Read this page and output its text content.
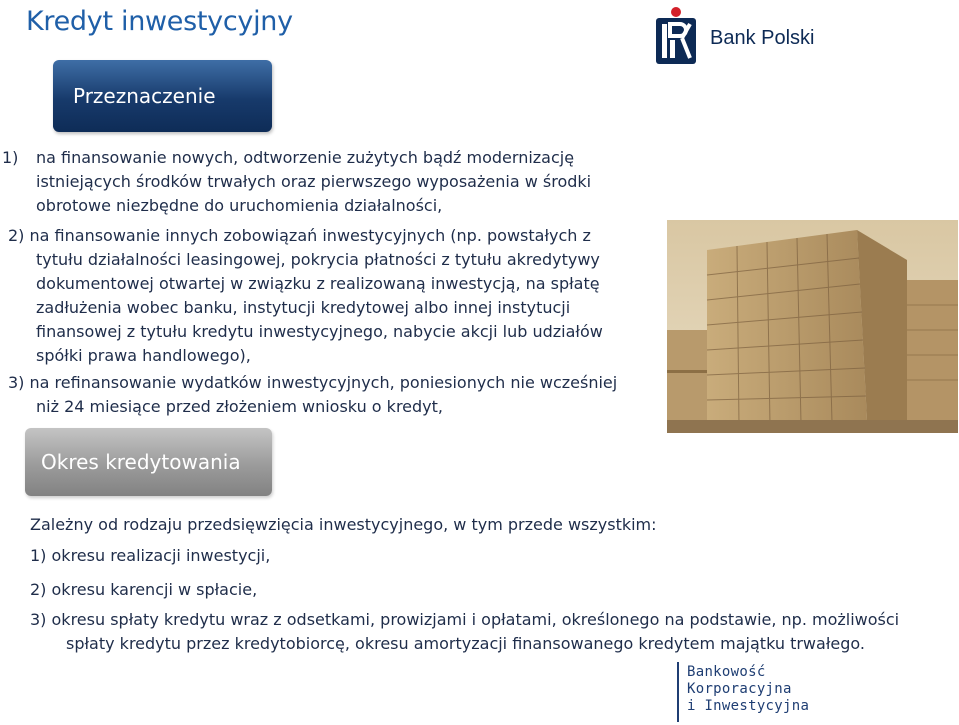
Kredyt inwestycyjny
Bank Polski
Przeznaczenie
1) na finansowanie nowych, odtworzenie zużytych bądź modernizację
istniejących środków trwałych oraz pierwszego wyposażenia w środki
obrotowe niezbędne do uruchomienia działalności,
2) na finansowanie innych zobowiązań inwestycyjnych (np. powstałych z
tytułu działalności leasingowej, pokrycia płatności z tytułu akredytywy
dokumentowej otwartej w związku z realizowaną inwestycją, na spłatę
zadłużenia wobec banku, instytucji kredytowej albo innej instytucji
finansowej z tytułu kredytu inwestycyjnego, nabycie akcji lub udziałów
spółki prawa handlowego),
3) na refinansowanie wydatków inwestycyjnych, poniesionych nie wcześniej
niż 24 miesiące przed złożeniem wniosku o kredyt,
Okres kredytowania
Zależny od rodzaju przedsięwzięcia inwestycyjnego, w tym przede wszystkim:
1) okresu realizacji inwestycji,
2) okresu karencji w spłacie,
3) okresu spłaty kredytu wraz z odsetkami, prowizjami i opłatami, określonego na podstawie, np. możliwości
spłaty kredytu przez kredytobiorcę, okresu amortyzacji finansowanego kredytem majątku trwałego.
Bankowość
Korporacyjna
i Inwestycyjna
